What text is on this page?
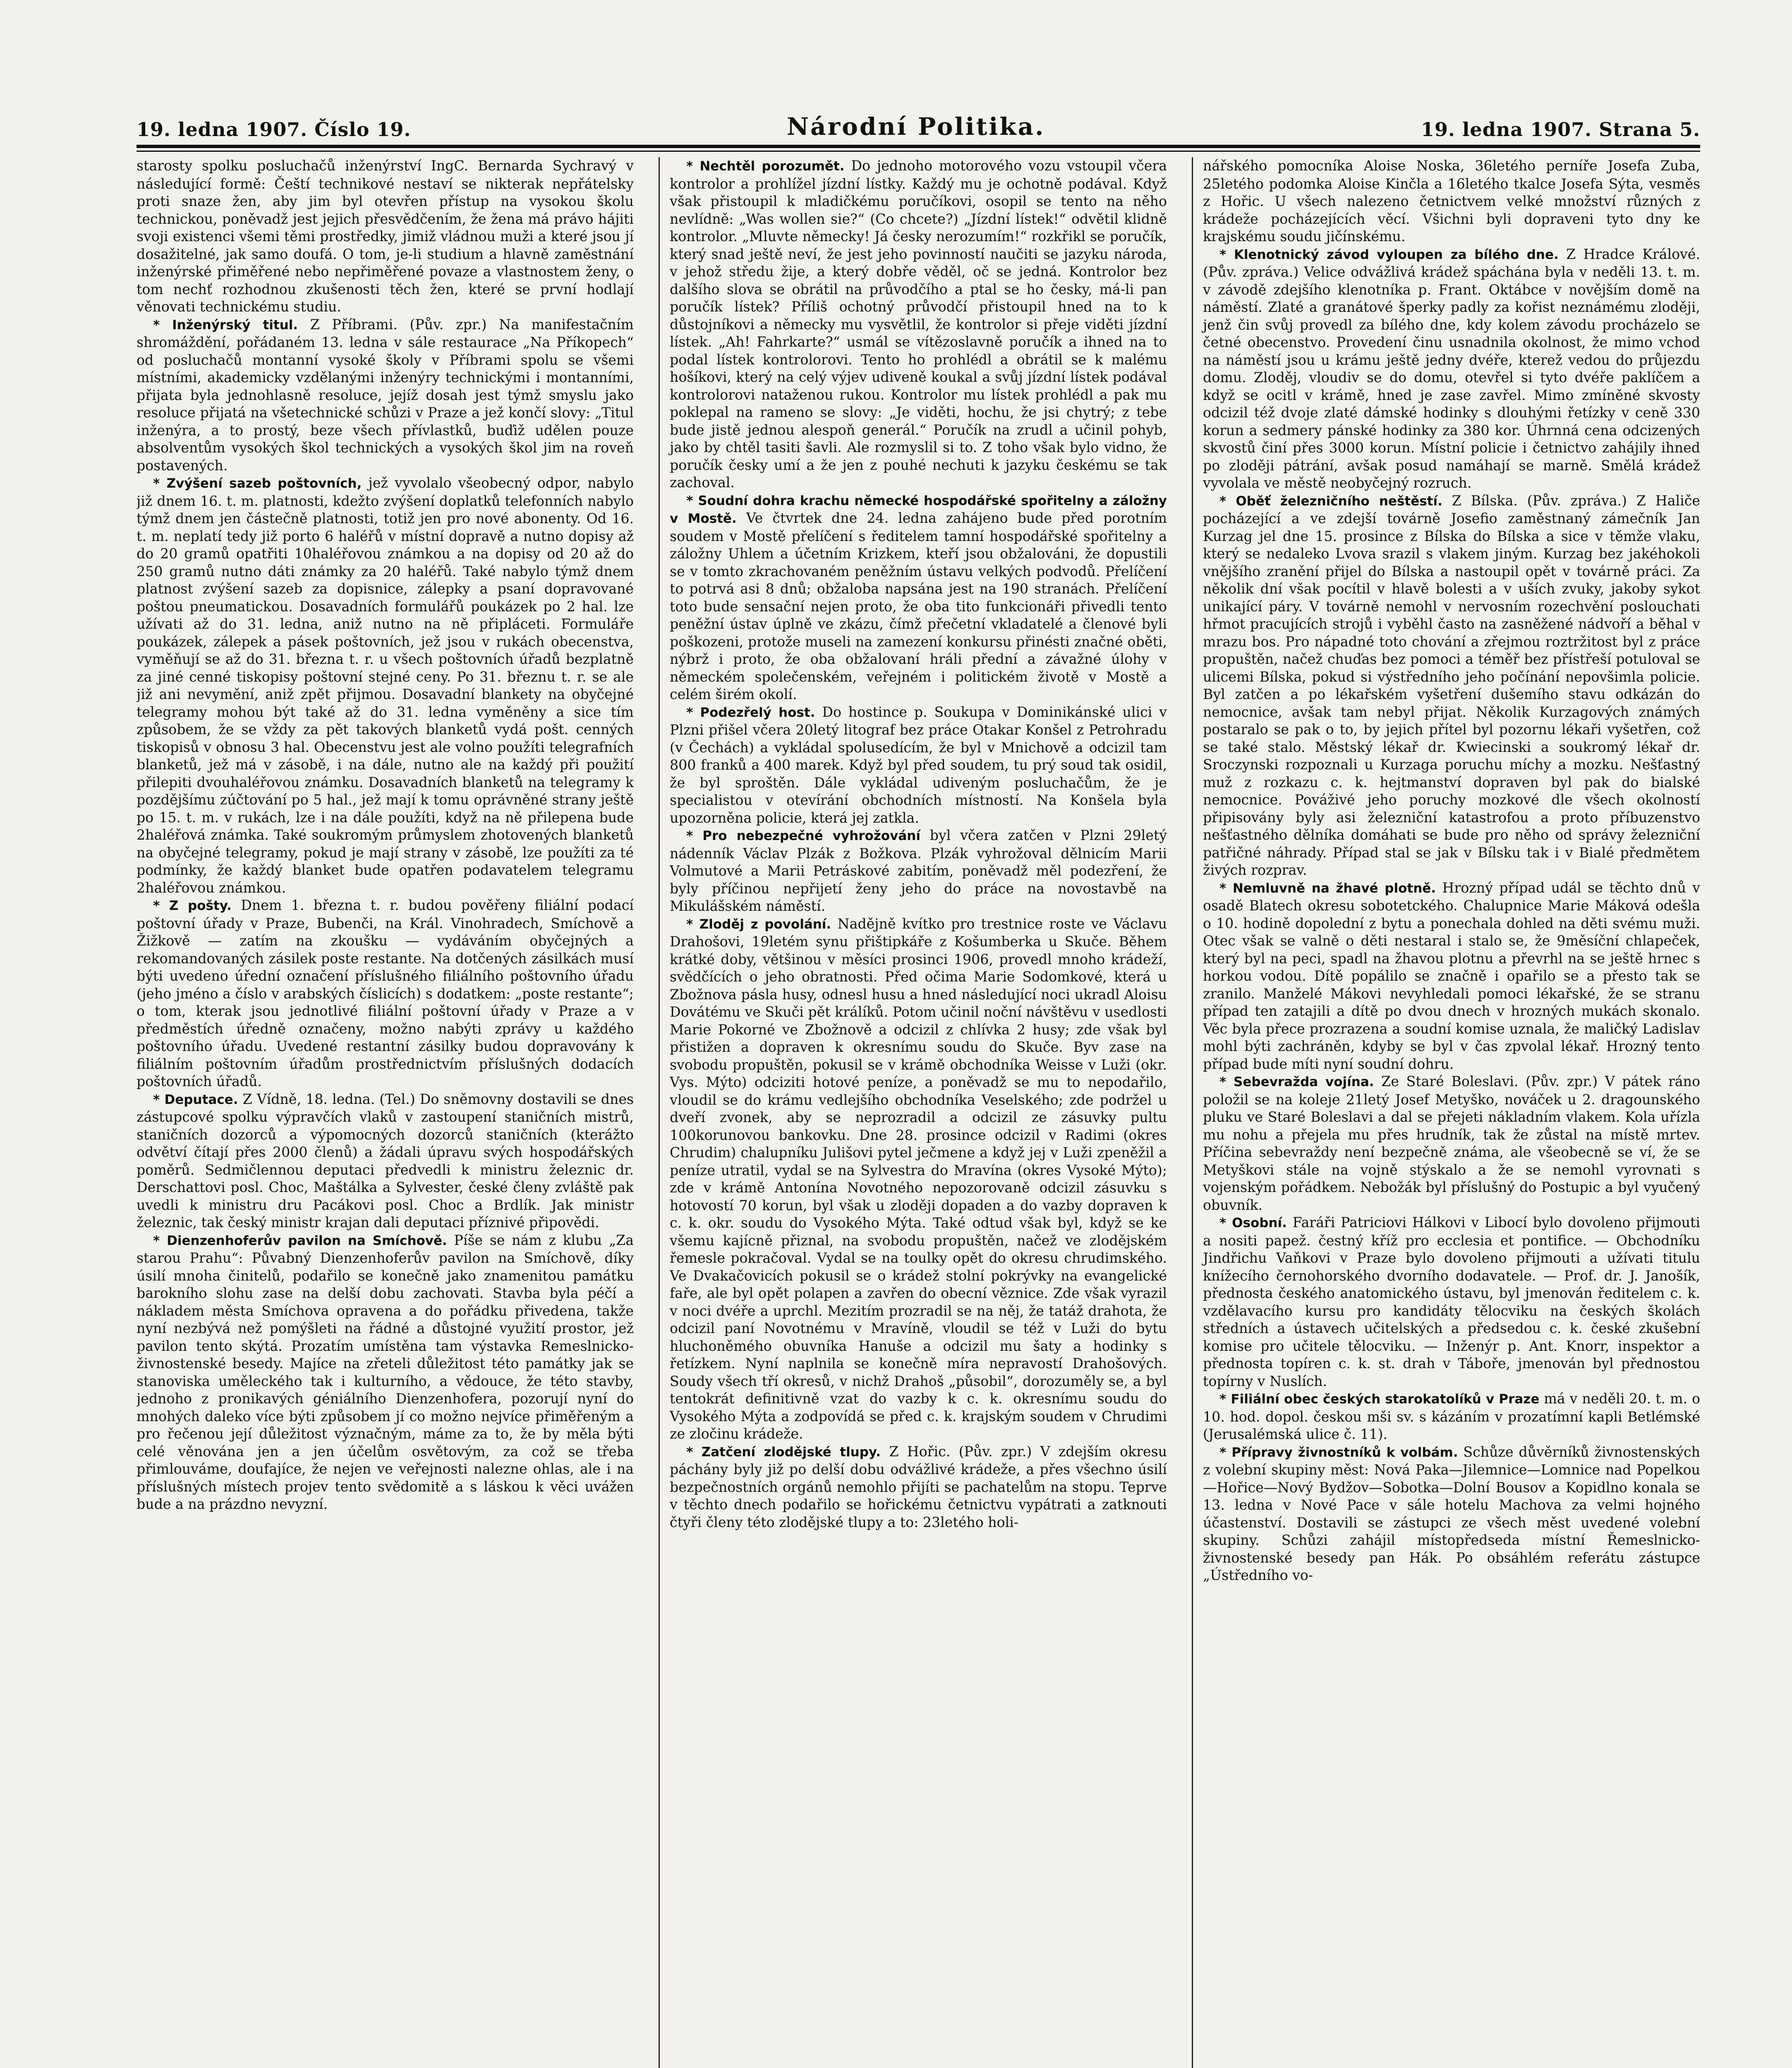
19. ledna 1907. Číslo 19.	Národní Politika.	19. ledna 1907. Strana 5.

starosty spolku posluchačů inženýrství IngC. Bernarda Sychravý v následující formě: Čeští technikové nestaví se nikterak nepřátelsky proti snaze žen, aby jim byl otevřen přístup na vysokou školu technickou, poněvadž jest jejich přesvědčením, že žena má právo hájiti svoji existenci všemi těmi prostředky, jimiž vládnou muži a které jsou jí dosažitelné, jak samo doufá. O tom, je-li studium a hlavně zaměstnání inženýrské přiměřené nebo nepřiměřené povaze a vlastnostem ženy, o tom nechť rozhodnou zkušenosti těch žen, které se první hodlají věnovati technickému studiu.

* Inženýrský titul. Z Příbrami. (Pův. zpr.) Na manifestačním shromáždění, pořádaném 13. ledna v sále restaurace „Na Příkopech“ od posluchačů montanní vysoké školy v Příbrami spolu se všemi místními, akademicky vzdělanými inženýry technickými i montanními, přijata byla jednohlasně resoluce, jejíž dosah jest týmž smyslu jako resoluce přijatá na všetechnické schůzi v Praze a jež končí slovy: „Titul inženýra, a to prostý, beze všech přívlastků, buďiž udělen pouze absolventům vysokých škol technických a vysokých škol jim na roveň postavených.

* Zvýšení sazeb poštovních, jež vyvolalo všeobecný odpor, nabylo již dnem 16. t. m. platnosti, kdežto zvýšení doplatků telefonních nabylo týmž dnem jen částečně platnosti, totiž jen pro nové abonenty. Od 16. t. m. neplatí tedy již porto 6 haléřů v místní dopravě a nutno dopisy až do 20 gramů opatřiti 10haléřovou známkou a na dopisy od 20 až do 250 gramů nutno dáti známky za 20 haléřů. Také nabylo týmž dnem platnost zvýšení sazeb za dopisnice, zálepky a psaní dopravované poštou pneumatickou. Dosavadních formulářů poukázek po 2 hal. lze užívati až do 31. ledna, aniž nutno na ně připláceti. Formuláře poukázek, zálepek a pásek poštovních, jež jsou v rukách obecenstva, vyměňují se až do 31. března t. r. u všech poštovních úřadů bezplatně za jiné cenné tiskopisy poštovní stejné ceny. Po 31. březnu t. r. se ale již ani nevymění, aniž zpět přijmou. Dosavadní blankety na obyčejné telegramy mohou být také až do 31. ledna vyměněny a sice tím způsobem, že se vždy za pět takových blanketů vydá pošt. cenných tiskopisů v obnosu 3 hal. Obecenstvu jest ale volno použíti telegrafních blanketů, jež má v zásobě, i na dále, nutno ale na každý při použití přilepiti dvouhaléřovou známku. Dosavadních blanketů na telegramy k pozdějšímu zúčtování po 5 hal., jež mají k tomu oprávněné strany ještě po 15. t. m. v rukách, lze i na dále použíti, když na ně přilepena bude 2haléřová známka. Také soukromým průmyslem zhotovených blanketů na obyčejné telegramy, pokud je mají strany v zásobě, lze použíti za té podmínky, že každý blanket bude opatřen podavatelem telegramu 2haléřovou známkou.

* Z pošty. Dnem 1. března t. r. budou pověřeny filiální podací poštovní úřady v Praze, Bubenči, na Král. Vinohradech, Smíchově a Žižkově — zatím na zkoušku — vydáváním obyčejných a rekomandovaných zásilek poste restante. Na dotčených zásilkách musí býti uvedeno úřední označení příslušného filiálního poštovního úřadu (jeho jméno a číslo v arabských číslicích) s dodatkem: „poste restante“; o tom, kterak jsou jednotlivé filiální poštovní úřady v Praze a v předměstích úředně označeny, možno nabýti zprávy u každého poštovního úřadu. Uvedené restantní zásilky budou dopravovány k filiálním poštovním úřadům prostřednictvím příslušných dodacích poštovních úřadů.

* Deputace. Z Vídně, 18. ledna. (Tel.) Do sněmovny dostavili se dnes zástupcové spolku výpravčích vlaků v zastoupení staničních mistrů, staničních dozorců a výpomocných dozorců staničních (kterážto odvětví čítají přes 2000 členů) a žádali úpravu svých hospodářských poměrů. Sedmičlennou deputaci předvedli k ministru železnic dr. Derschattovi posl. Choc, Maštálka a Sylvester, české členy zvláště pak uvedli k ministru dru Pacákovi posl. Choc a Brdlík. Jak ministr železnic, tak český ministr krajan dali deputaci příznivé připovědi.

* Dienzenhoferův pavilon na Smíchově. Píše se nám z klubu „Za starou Prahu“: Půvabný Dienzenhoferův pavilon na Smíchově, díky úsilí mnoha činitelů, podařilo se konečně jako znamenitou památku barokního slohu zase na delší dobu zachovati. Stavba byla péčí a nákladem města Smíchova opravena a do pořádku přivedena, takže nyní nezbývá než pomýšleti na řádné a důstojné využití prostor, jež pavilon tento skýtá. Prozatím umístěna tam výstavka Remeslnicko-živnostenské besedy. Majíce na zřeteli důležitost této památky jak se stanoviska uměleckého tak i kulturního, a vědouce, že této stavby, jednoho z pronikavých géniálního Dienzenhofera, pozorují nyní do mnohých daleko více býti způsobem jí co možno nejvíce přiměřeným a pro řečenou její důležitost význačným, máme za to, že by měla býti celé věnována jen a jen účelům osvětovým, za což se třeba přimlouváme, doufajíce, že nejen ve veřejnosti nalezne ohlas, ale i na příslušných místech projev tento svědomitě a s láskou k věci uvážen bude a na prázdno nevyzní.

* Nechtěl porozumět. Do jednoho motorového vozu vstoupil včera kontrolor a prohlížel jízdní lístky. Každý mu je ochotně podával. Když však přistoupil k mladičkému poručíkovi, osopil se tento na něho nevlídně: „Was wollen sie?“ (Co chcete?) „Jízdní lístek!“ odvětil klidně kontrolor. „Mluvte německy! Já česky nerozumím!“ rozkřikl se poručík, který snad ještě neví, že jest jeho povinností naučiti se jazyku národa, v jehož středu žije, a který dobře věděl, oč se jedná. Kontrolor bez dalšího slova se obrátil na průvodčího a ptal se ho česky, má-li pan poručík lístek? Příliš ochotný průvodčí přistoupil hned na to k důstojníkovi a německy mu vysvětlil, že kontrolor si přeje viděti jízdní lístek. „Ah! Fahrkarte?“ usmál se vítězoslavně poručík a ihned na to podal lístek kontrolorovi. Tento ho prohlédl a obrátil se k malému hošíkovi, který na celý výjev udiveně koukal a svůj jízdní lístek podával kontrolorovi nataženou rukou. Kontrolor mu lístek prohlédl a pak mu poklepal na rameno se slovy: „Je viděti, hochu, že jsi chytrý; z tebe bude jistě jednou alespoň generál.“ Poručík na zrudl a učinil pohyb, jako by chtěl tasiti šavli. Ale rozmyslil si to. Z toho však bylo vidno, že poručík česky umí a že jen z pouhé nechuti k jazyku českému se tak zachoval.

* Soudní dohra krachu německé hospodářské spořitelny a záložny v Mostě. Ve čtvrtek dne 24. ledna zahájeno bude před porotním soudem v Mostě přelíčení s ředitelem tamní hospodářské spořitelny a záložny Uhlem a účetním Krizkem, kteří jsou obžalováni, že dopustili se v tomto zkrachovaném peněžním ústavu velkých podvodů. Přelíčení to potrvá asi 8 dnů; obžaloba napsána jest na 190 stranách. Přelíčení toto bude sensační nejen proto, že oba tito funkcionáři přivedli tento peněžní ústav úplně ve zkázu, čímž přečetní vkladatelé a členové byli poškozeni, protože museli na zamezení konkursu přinésti značné oběti, nýbrž i proto, že oba obžalovaní hráli přední a závažné úlohy v německém společenském, veřejném i politickém životě v Mostě a celém širém okolí.

* Podezřelý host. Do hostince p. Soukupa v Dominikánské ulici v Plzni přišel včera 20letý litograf bez práce Otakar Konšel z Petrohradu (v Čechách) a vykládal spolusedícím, že byl v Mnichově a odcizil tam 800 franků a 400 marek. Když byl před soudem, tu prý soud tak osidil, že byl sproštěn. Dále vykládal udiveným posluchačům, že je specialistou v otevírání obchodních místností. Na Konšela byla upozorněna policie, která jej zatkla.

* Pro nebezpečné vyhrožování byl včera zatčen v Plzni 29letý nádenník Václav Plzák z Božkova. Plzák vyhrožoval dělnicím Marii Volmutové a Marii Petráskové zabitím, poněvadž měl podezření, že byly příčinou nepřijetí ženy jeho do práce na novostavbě na Mikulášském náměstí.

* Zloděj z povolání. Nadějně kvítko pro trestnice roste ve Václavu Drahošovi, 19letém synu přištipkáře z Košumberka u Skuče. Během krátké doby, většinou v měsíci prosinci 1906, provedl mnoho krádeží, svědčících o jeho obratnosti. Před očima Marie Sodomkové, která u Zbožnova pásla husy, odnesl husu a hned následující noci ukradl Aloisu Dovátému ve Skuči pět králíků. Potom učinil noční návštěvu v usedlosti Marie Pokorné ve Zbožnově a odcizil z chlívka 2 husy; zde však byl přistižen a dopraven k okresnímu soudu do Skuče. Byv zase na svobodu propuštěn, pokusil se v krámě obchodníka Weisse v Luži (okr. Vys. Mýto) odciziti hotové peníze, a poněvadž se mu to nepodařilo, vloudil se do krámu vedlejšího obchodníka Veselského; zde podržel u dveří zvonek, aby se neprozradil a odcizil ze zásuvky pultu 100korunovou bankovku. Dne 28. prosince odcizil v Radimi (okres Chrudim) chalupníku Julišovi pytel ječmene a když jej v Luži zpeněžil a peníze utratil, vydal se na Sylvestra do Mravína (okres Vysoké Mýto); zde v krámě Antonína Novotného nepozorovaně odcizil zásuvku s hotovostí 70 korun, byl však u zloději dopaden a do vazby dopraven k c. k. okr. soudu do Vysokého Mýta. Také odtud však byl, když se ke všemu kajícně přiznal, na svobodu propuštěn, načež ve zlodějském řemesle pokračoval. Vydal se na toulky opět do okresu chrudimského. Ve Dvakačovicích pokusil se o krádež stolní pokrývky na evangelické faře, ale byl opět polapen a zavřen do obecní věznice. Zde však vyrazil v noci dvéře a uprchl. Mezitím prozradil se na něj, že tatáž drahota, že odcizil paní Novotnému v Mravíně, vloudil se též v Luži do bytu hluchoněmého obuvníka Hanuše a odcizil mu šaty a hodinky s řetízkem. Nyní naplnila se konečně míra nepravostí Drahošových. Soudy všech tří okresů, v nichž Drahoš „působil“, dorozuměly se, a byl tentokrát definitivně vzat do vazby k c. k. okresnímu soudu do Vysokého Mýta a zodpovídá se před c. k. krajským soudem v Chrudimi ze zločinu krádeže.

* Zatčení zlodějské tlupy. Z Hořic. (Pův. zpr.) V zdejším okresu páchány byly již po delší dobu odvážlivé krádeže, a přes všechno úsilí bezpečnostních orgánů nemohlo přijíti se pachatelům na stopu. Teprve v těchto dnech podařilo se hořickému četnictvu vypátrati a zatknouti čtyři členy této zlodějské tlupy a to: 23letého holi-

nářského pomocníka Aloise Noska, 36letého perníře Josefa Zuba, 25letého podomka Aloise Kinčla a 16letého tkalce Josefa Sýta, vesměs z Hořic. U všech nalezeno četnictvem velké množství různých z krádeže pocházejících věcí. Všichni byli dopraveni tyto dny ke krajskému soudu jičínskému.

* Klenotnický závod vyloupen za bílého dne. Z Hradce Králové. (Pův. zpráva.) Velice odvážlivá krádež spáchána byla v neděli 13. t. m. v závodě zdejšího klenotníka p. Frant. Oktábce v novějším domě na náměstí. Zlaté a granátové šperky padly za kořist neznámému zloději, jenž čin svůj provedl za bílého dne, kdy kolem závodu procházelo se četné obecenstvo. Provedení činu usnadnila okolnost, že mimo vchod na náměstí jsou u krámu ještě jedny dvéře, kterež vedou do průjezdu domu. Zloděj, vloudiv se do domu, otevřel si tyto dvéře paklíčem a když se ocitl v krámě, hned je zase zavřel. Mimo zmíněné skvosty odcizil též dvoje zlaté dámské hodinky s dlouhými řetízky v ceně 330 korun a sedmery pánské hodinky za 380 kor. Úhrnná cena odcizených skvostů činí přes 3000 korun. Místní policie i četnictvo zahájily ihned po zloději pátrání, avšak posud namáhají se marně. Smělá krádež vyvolala ve městě neobyčejný rozruch.

* Oběť železničního neštěstí. Z Bílska. (Pův. zpráva.) Z Haliče pocházející a ve zdejší továrně Josefio zaměstnaný zámečník Jan Kurzag jel dne 15. prosince z Bílska do Bílska a sice v těmže vlaku, který se nedaleko Lvova srazil s vlakem jiným. Kurzag bez jakéhokoli vnějšího zranění přijel do Bílska a nastoupil opět v továrně práci. Za několik dní však pocítil v hlavě bolesti a v uších zvuky, jakoby sykot unikající páry. V továrně nemohl v nervosním rozechvění poslouchati hřmot pracujících strojů i vyběhl často na zasněžené nádvoří a běhal v mrazu bos. Pro nápadné toto chování a zřejmou roztržitost byl z práce propuštěn, načež chuďas bez pomoci a téměř bez přístřeší potuloval se ulicemi Bílska, pokud si výstředního jeho počínání nepovšimla policie. Byl zatčen a po lékařském vyšetření dušemího stavu odkázán do nemocnice, avšak tam nebyl přijat. Několik Kurzagových známých postaralo se pak o to, by jejich přítel byl pozornu lékaři vyšetřen, což se také stalo. Městský lékař dr. Kwiecinski a soukromý lékař dr. Sroczynski rozpoznali u Kurzaga poruchu míchy a mozku. Nešťastný muž z rozkazu c. k. hejtmanství dopraven byl pak do bialské nemocnice. Pováživé jeho poruchy mozkové dle všech okolností připisovány byly asi železniční katastrofou a proto příbuzenstvo nešťastného dělníka domáhati se bude pro něho od správy železniční patřičné náhrady. Případ stal se jak v Bílsku tak i v Bialé předmětem živých rozprav.

* Nemluvně na žhavé plotně. Hrozný případ udál se těchto dnů v osadě Blatech okresu sobotetckého. Chalupnice Marie Máková odešla o 10. hodině dopolední z bytu a ponechala dohled na děti svému muži. Otec však se valně o děti nestaral i stalo se, že 9měsíční chlapeček, který byl na peci, spadl na žhavou plotnu a převrhl na se ještě hrnec s horkou vodou. Dítě popálilo se značně i opařilo se a přesto tak se zranilo. Manželé Mákovi nevyhledali pomoci lékařské, že se stranu případ ten zatajili a dítě po dvou dnech v hrozných mukách skonalo. Věc byla přece prozrazena a soudní komise uznala, že maličký Ladislav mohl býti zachráněn, kdyby se byl v čas zpvolal lékař. Hrozný tento případ bude míti nyní soudní dohru.

* Sebevražda vojína. Ze Staré Boleslavi. (Pův. zpr.) V pátek ráno položil se na koleje 21letý Josef Metyško, nováček u 2. dragounského pluku ve Staré Boleslavi a dal se přejeti nákladním vlakem. Kola uřízla mu nohu a přejela mu přes hrudník, tak že zůstal na místě mrtev. Příčina sebevraždy není bezpečně známa, ale všeobecně se ví, že se Metyškovi stále na vojně stýskalo a že se nemohl vyrovnati s vojenským pořádkem. Nebožák byl příslušný do Postupic a byl vyučený obuvník.

* Osobní. Faráři Patriciovi Hálkovi v Libocí bylo dovoleno přijmouti a nositi papež. čestný kříž pro ecclesia et pontifice. — Obchodníku Jindřichu Vaňkovi v Praze bylo dovoleno přijmouti a užívati titulu knížecího černohorského dvorního dodavatele. — Prof. dr. J. Janošík, přednosta českého anatomického ústavu, byl jmenován ředitelem c. k. vzdělavacího kursu pro kandidáty tělocviku na českých školách středních a ústavech učitelských a předsedou c. k. české zkušební komise pro učitele tělocviku. — Inženýr p. Ant. Knorr, inspektor a přednosta topíren c. k. st. drah v Táboře, jmenován byl přednostou topírny v Nuslích.

* Filiální obec českých starokatolíků v Praze má v neděli 20. t. m. o 10. hod. dopol. českou mši sv. s kázáním v prozatímní kapli Betlémské (Jerusalémská ulice č. 11).

* Přípravy živnostníků k volbám. Schůze důvěrníků živnostenských z volební skupiny měst: Nová Paka—Jilemnice—Lomnice nad Popelkou—Hořice—Nový Bydžov—Sobotka—Dolní Bousov a Kopidlno konala se 13. ledna v Nové Pace v sále hotelu Machova za velmi hojného účastenství. Dostavili se zástupci ze všech měst uvedené volební skupiny. Schůzi zahájil místopředseda místní Řemeslnicko-živnostenské besedy pan Hák. Po obsáhlém referátu zástupce „Ústředního vo-
